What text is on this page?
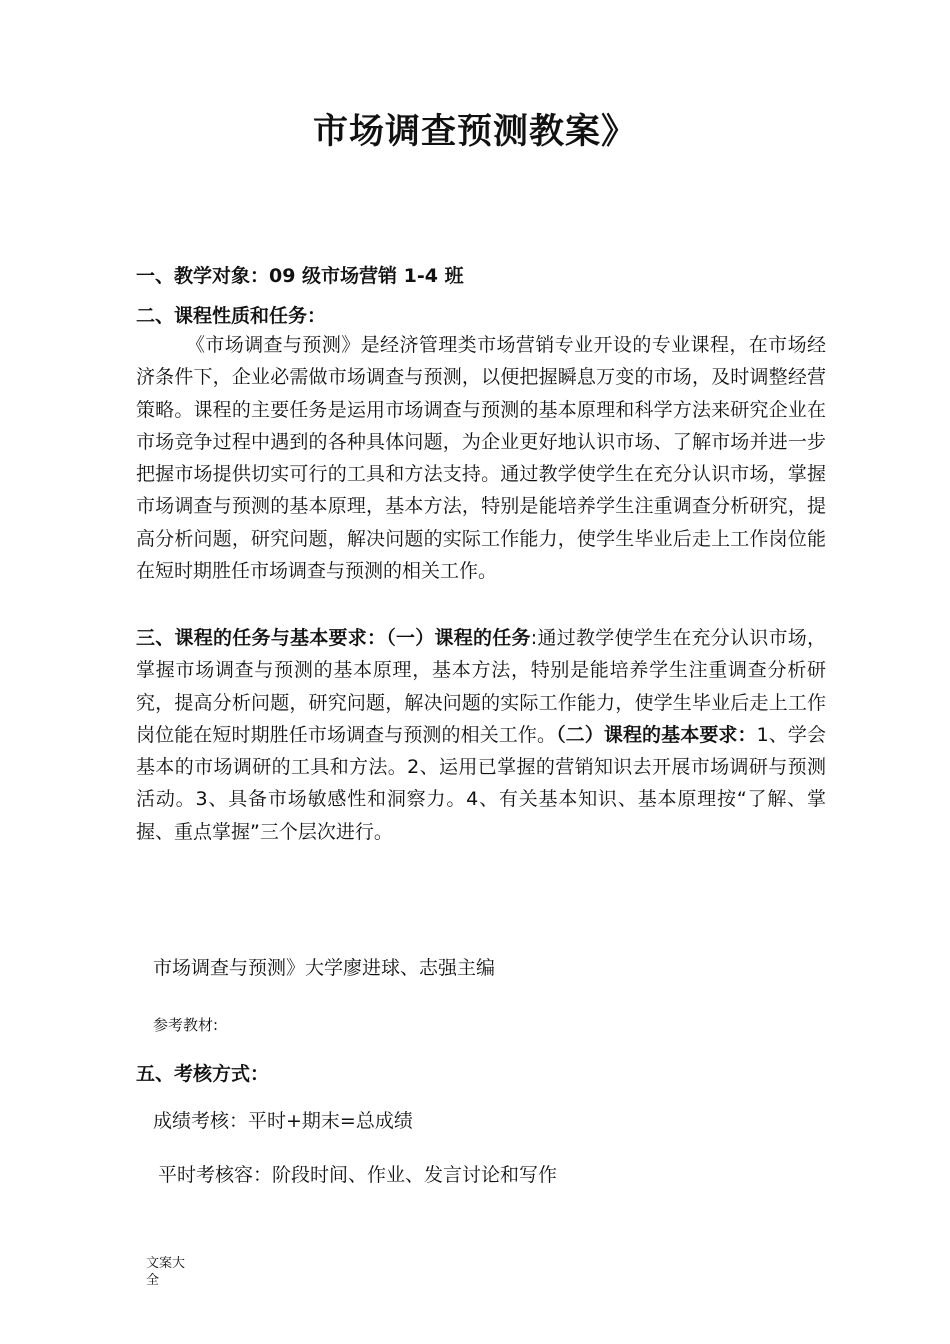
市场调查预测教案》
一、教学对象：09 级市场营销 1-4 班
二、课程性质和任务：
《市场调查与预测》是经济管理类市场营销专业开设的专业课程，在市场经济条件下，企业必需做市场调查与预测，以便把握瞬息万变的市场，及时调整经营策略。课程的主要任务是运用市场调查与预测的基本原理和科学方法来研究企业在市场竞争过程中遇到的各种具体问题，为企业更好地认识市场、了解市场并进一步把握市场提供切实可行的工具和方法支持。通过教学使学生在充分认识市场，掌握市场调查与预测的基本原理，基本方法，特别是能培养学生注重调查分析研究，提高分析问题，研究问题，解决问题的实际工作能力，使学生毕业后走上工作岗位能在短时期胜任市场调查与预测的相关工作。
三、课程的任务与基本要求：（一）课程的任务:通过教学使学生在充分认识市场，掌握市场调查与预测的基本原理，基本方法，特别是能培养学生注重调查分析研究，提高分析问题，研究问题，解决问题的实际工作能力，使学生毕业后走上工作岗位能在短时期胜任市场调查与预测的相关工作。（二）课程的基本要求：1、学会基本的市场调研的工具和方法。2、运用已掌握的营销知识去开展市场调研与预测活动。3、具备市场敏感性和洞察力。4、有关基本知识、基本原理按“了解、掌握、重点掌握”三个层次进行。
市场调查与预测》大学廖进球、志强主编
参考教材:
五、考核方式：
成绩考核：平时+期末=总成绩
平时考核容：阶段时间、作业、发言讨论和写作
文案大全
